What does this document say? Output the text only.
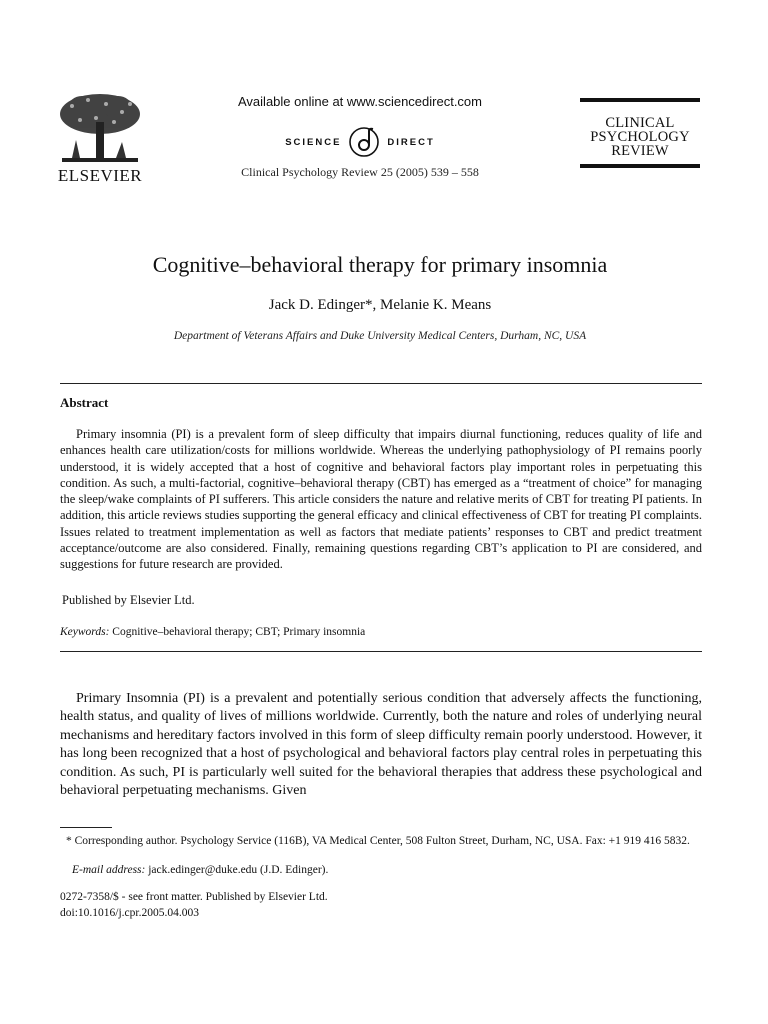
ELSEVIER
Available online at www.sciencedirect.com
SCIENCE	DIRECT
Clinical Psychology Review 25 (2005) 539 – 558
CLINICAL
PSYCHOLOGY
REVIEW
Cognitive–behavioral therapy for primary insomnia
Jack D. Edinger*, Melanie K. Means
Department of Veterans Affairs and Duke University Medical Centers, Durham, NC, USA
Abstract

Primary insomnia (PI) is a prevalent form of sleep difficulty that impairs diurnal functioning, reduces quality of life and enhances health care utilization/costs for millions worldwide. Whereas the underlying pathophysiology of PI remains poorly understood, it is widely accepted that a host of cognitive and behavioral factors play important roles in perpetuating this condition. As such, a multi-factorial, cognitive–behavioral therapy (CBT) has emerged as a “treatment of choice” for managing the sleep/wake complaints of PI sufferers. This article considers the nature and relative merits of CBT for treating PI patients. In addition, this article reviews studies supporting the general efficacy and clinical effectiveness of CBT for treating PI complaints. Issues related to treatment implementation as well as factors that mediate patients’ responses to CBT and predict treatment acceptance/outcome are also considered. Finally, remaining questions regarding CBT’s application to PI are considered, and suggestions for future research are provided.

Published by Elsevier Ltd.
Keywords: Cognitive–behavioral therapy; CBT; Primary insomnia

Primary Insomnia (PI) is a prevalent and potentially serious condition that adversely affects the functioning, health status, and quality of lives of millions worldwide. Currently, both the nature and roles of underlying neural mechanisms and hereditary factors involved in this form of sleep difficulty remain poorly understood. However, it has long been recognized that a host of psychological and behavioral factors play central roles in perpetuating this condition. As such, PI is particularly well suited for the behavioral therapies that address these psychological and behavioral perpetuating mechanisms. Given

* Corresponding author. Psychology Service (116B), VA Medical Center, 508 Fulton Street, Durham, NC, USA. Fax: +1 919 416 5832.

E-mail address: jack.edinger@duke.edu (J.D. Edinger).
0272-7358/$ - see front matter. Published by Elsevier Ltd.
doi:10.1016/j.cpr.2005.04.003
